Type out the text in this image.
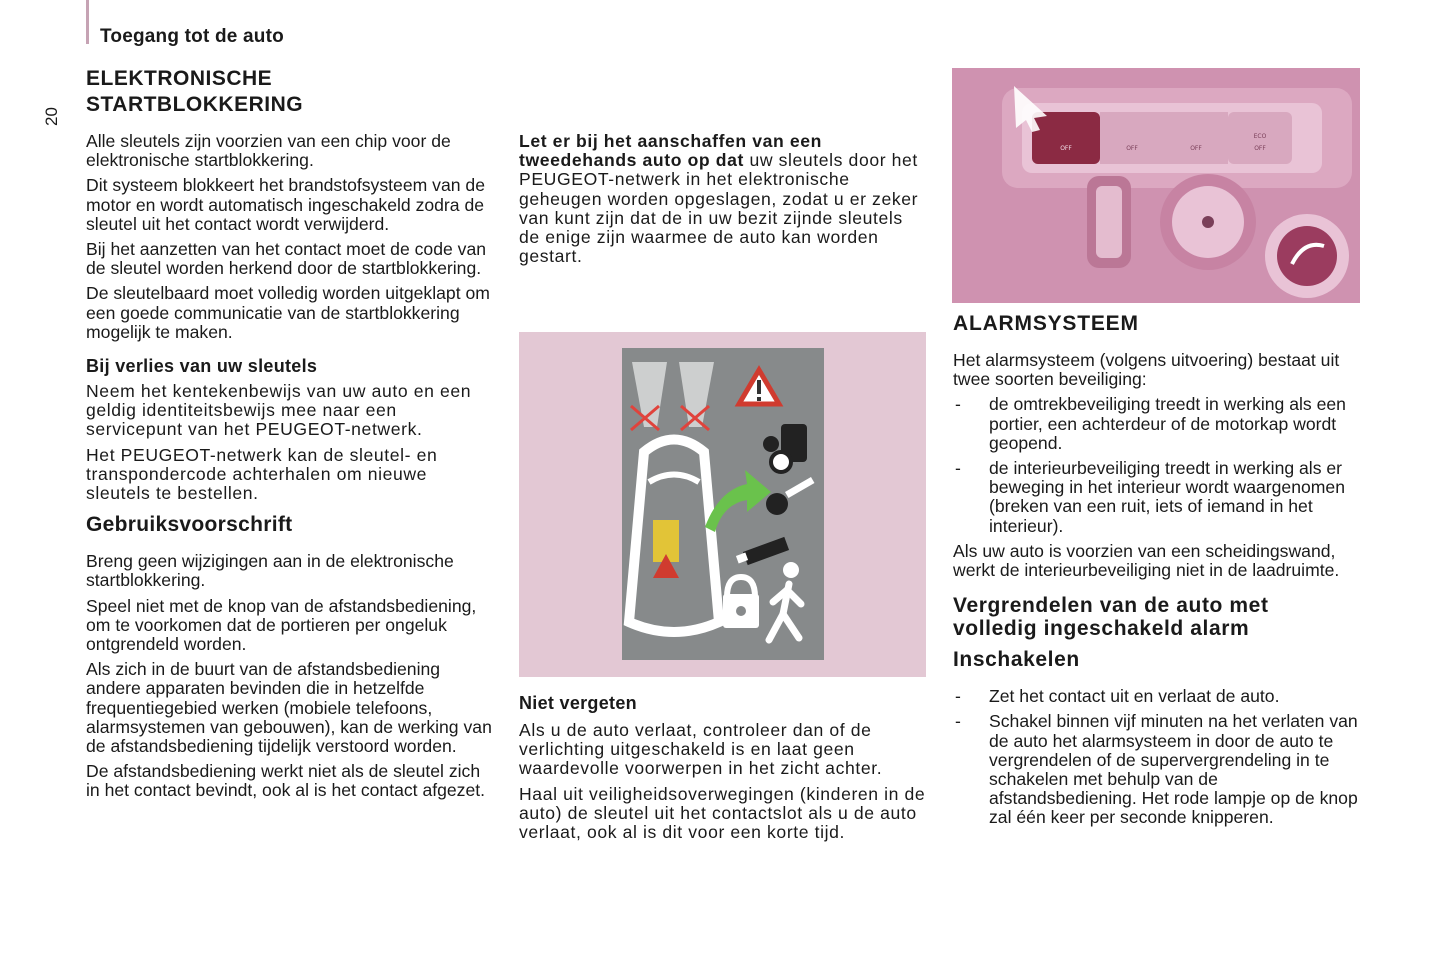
Toegang tot de auto
20
ELEKTRONISCHE
STARTBLOKKERING

Alle sleutels zijn voorzien van een chip voor de elektronische startblokkering.

Dit systeem blokkeert het brandstofsysteem van de motor en wordt automatisch ingeschakeld zodra de sleutel uit het contact wordt verwijderd.

Bij het aanzetten van het contact moet de code van de sleutel worden herkend door de startblokkering.

De sleutelbaard moet volledig worden uitgeklapt om een goede communicatie van de startblokkering mogelijk te maken.

Bij verlies van uw sleutels

Neem het kentekenbewijs van uw auto en een geldig identiteitsbewijs mee naar een servicepunt van het PEUGEOT-netwerk.

Het PEUGEOT-netwerk kan de sleutel- en transpondercode achterhalen om nieuwe sleutels te bestellen.

Gebruiksvoorschrift

Breng geen wijzigingen aan in de elektronische startblokkering.

Speel niet met de knop van de afstandsbediening, om te voorkomen dat de portieren per ongeluk ontgrendeld worden.

Als zich in de buurt van de afstandsbediening andere apparaten bevinden die in hetzelfde frequentiegebied werken (mobiele telefoons, alarmsystemen van gebouwen), kan de werking van de afstandsbediening tijdelijk verstoord worden.

De afstandsbediening werkt niet als de sleutel zich in het contact bevindt, ook al is het contact afgezet.

Let er bij het aanschaffen van een tweedehands auto op dat uw sleutels door het PEUGEOT-netwerk in het elektronische geheugen worden opgeslagen, zodat u er zeker van kunt zijn dat de in uw bezit zijnde sleutels de enige zijn waarmee de auto kan worden gestart.

Niet vergeten

Als u de auto verlaat, controleer dan of de verlichting uitgeschakeld is en laat geen waardevolle voorwerpen in het zicht achter.

Haal uit veiligheidsoverwegingen (kinderen in de auto) de sleutel uit het contactslot als u de auto verlaat, ook al is dit voor een korte tijd.

OFF	OFF	OFF
ECO
OFF
ALARMSYSTEEM

Het alarmsysteem (volgens uitvoering) bestaat uit twee soorten beveiliging:

- de omtrekbeveiliging treedt in werking als een portier, een achterdeur of de motorkap wordt geopend.
- de interieurbeveiliging treedt in werking als er beweging in het interieur wordt waargenomen (breken van een ruit, iets of iemand in het interieur).

Als uw auto is voorzien van een scheidingswand, werkt de interieurbeveiliging niet in de laadruimte.

Vergrendelen van de auto met
volledig ingeschakeld alarm
Inschakelen
- Zet het contact uit en verlaat de auto.
- Schakel binnen vijf minuten na het verlaten van de auto het alarmsysteem in door de auto te vergrendelen of de supervergrendeling in te schakelen met behulp van de afstandsbediening. Het rode lampje op de knop zal één keer per seconde knipperen.
